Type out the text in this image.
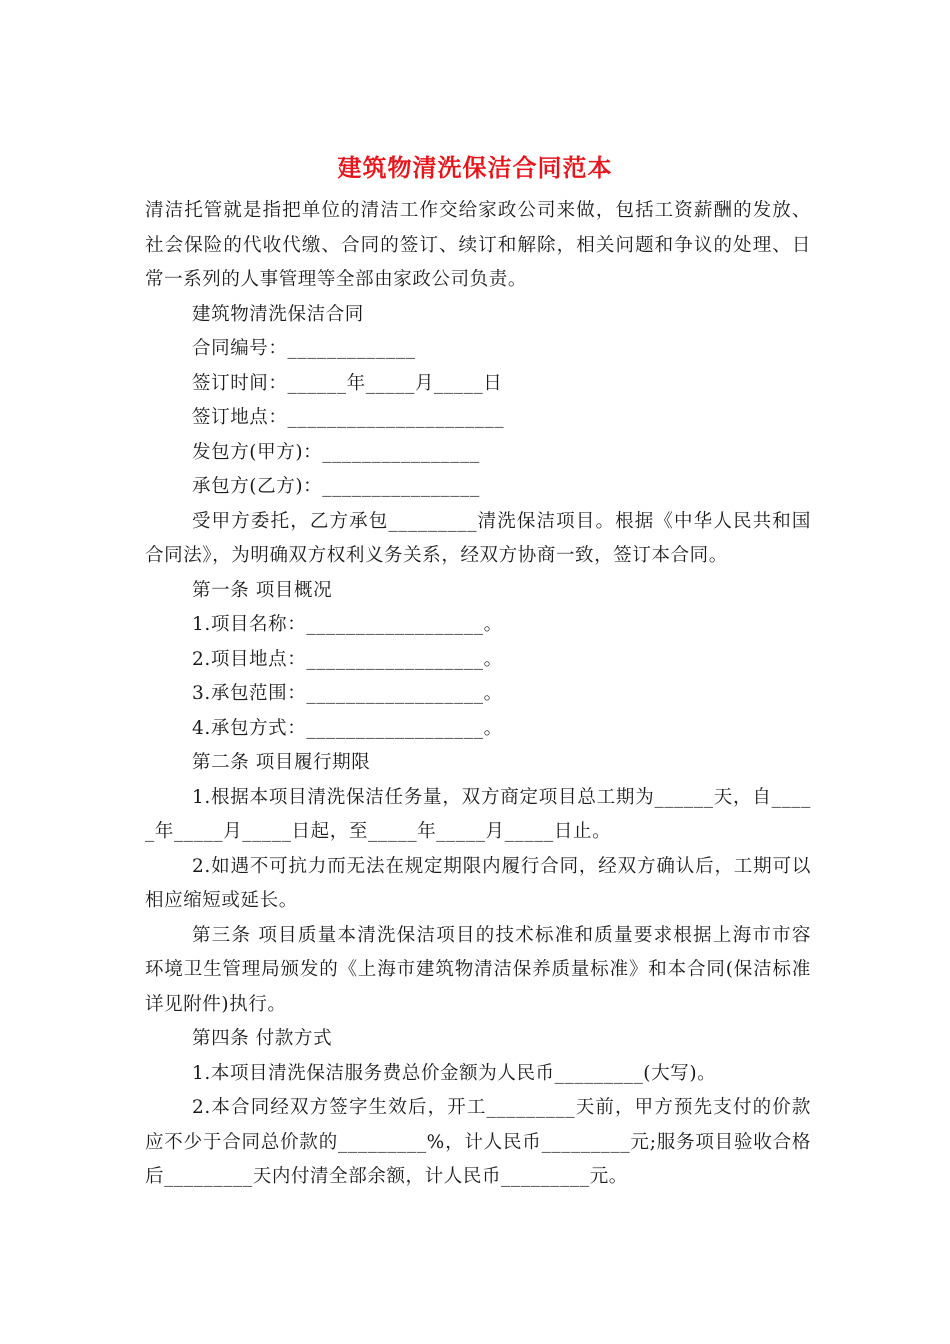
建筑物清洗保洁合同范本
清洁托管就是指把单位的清洁工作交给家政公司来做，包括工资薪酬的发放、
社会保险的代收代缴、合同的签订、续订和解除，相关问题和争议的处理、日
常一系列的人事管理等全部由家政公司负责。
建筑物清洗保洁合同
合同编号：_____________
签订时间：______年_____月_____日
签订地点：______________________
发包方(甲方)：________________
承包方(乙方)：________________
受甲方委托，乙方承包_________清洗保洁项目。根据《中华人民共和国
合同法》，为明确双方权利义务关系，经双方协商一致，签订本合同。
第一条 项目概况
1.项目名称：__________________。
2.项目地点：__________________。
3.承包范围：__________________。
4.承包方式：__________________。
第二条 项目履行期限
1.根据本项目清洗保洁任务量，双方商定项目总工期为______天，自____
_年_____月_____日起，至_____年_____月_____日止。
2.如遇不可抗力而无法在规定期限内履行合同，经双方确认后，工期可以
相应缩短或延长。
第三条 项目质量本清洗保洁项目的技术标准和质量要求根据上海市市容
环境卫生管理局颁发的《上海市建筑物清洁保养质量标准》和本合同(保洁标准
详见附件)执行。
第四条 付款方式
1.本项目清洗保洁服务费总价金额为人民币_________(大写)。
2.本合同经双方签字生效后，开工_________天前，甲方预先支付的价款
应不少于合同总价款的_________%，计人民币_________元;服务项目验收合格
后_________天内付清全部余额，计人民币_________元。
